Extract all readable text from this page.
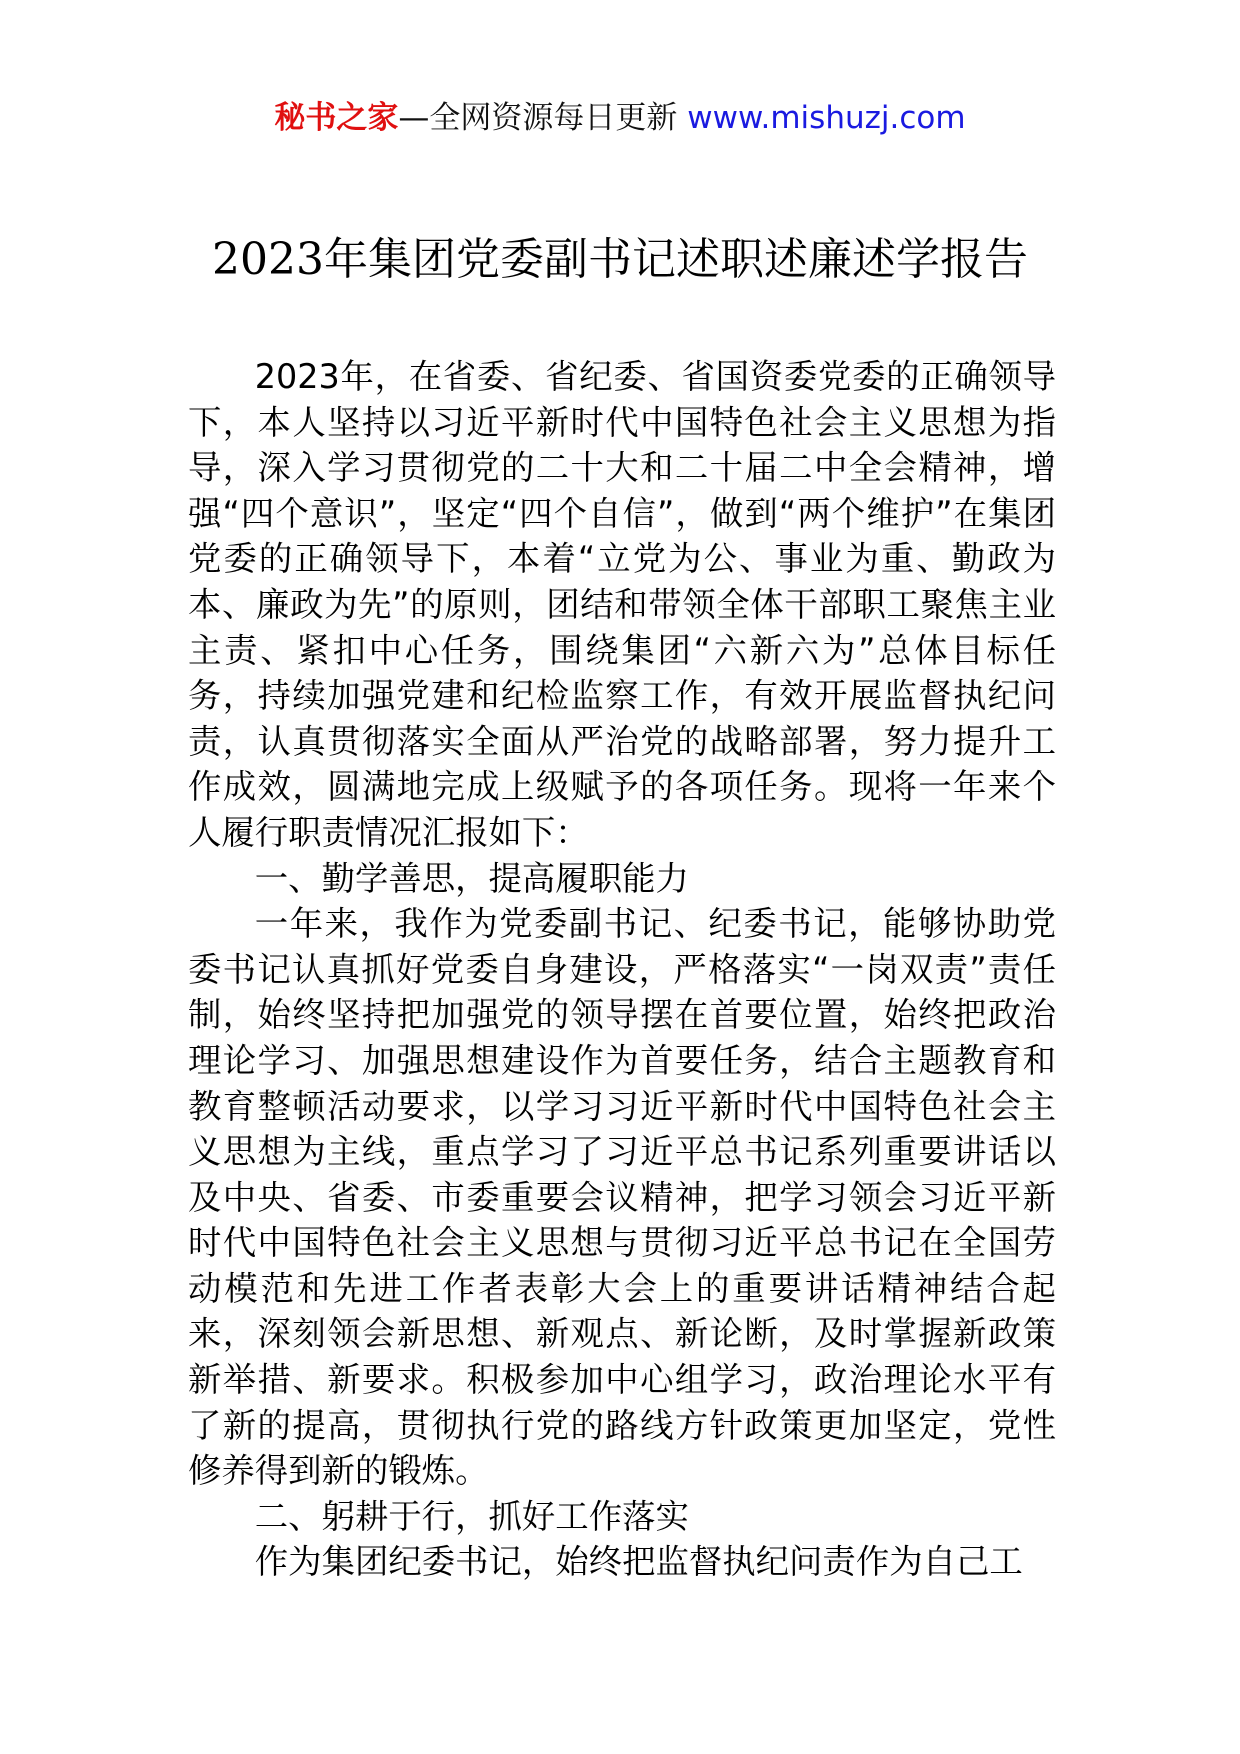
秘书之家—全网资源每日更新 www.mishuzj.com
2023年集团党委副书记述职述廉述学报告

2023年，在省委、省纪委、省国资委党委的正确领导下，本人坚持以习近平新时代中国特色社会主义思想为指导，深入学习贯彻党的二十大和二十届二中全会精神，增强“四个意识”，坚定“四个自信”，做到“两个维护”在集团党委的正确领导下，本着“立党为公、事业为重、勤政为本、廉政为先”的原则，团结和带领全体干部职工聚焦主业主责、紧扣中心任务，围绕集团“六新六为”总体目标任务，持续加强党建和纪检监察工作，有效开展监督执纪问责，认真贯彻落实全面从严治党的战略部署，努力提升工作成效，圆满地完成上级赋予的各项任务。现将一年来个人履行职责情况汇报如下：

一、勤学善思，提高履职能力

一年来，我作为党委副书记、纪委书记，能够协助党委书记认真抓好党委自身建设，严格落实“一岗双责”责任制，始终坚持把加强党的领导摆在首要位置，始终把政治理论学习、加强思想建设作为首要任务，结合主题教育和教育整顿活动要求，以学习习近平新时代中国特色社会主义思想为主线，重点学习了习近平总书记系列重要讲话以及中央、省委、市委重要会议精神，把学习领会习近平新时代中国特色社会主义思想与贯彻习近平总书记在全国劳动模范和先进工作者表彰大会上的重要讲话精神结合起来，深刻领会新思想、新观点、新论断，及时掌握新政策新举措、新要求。积极参加中心组学习，政治理论水平有了新的提高，贯彻执行党的路线方针政策更加坚定，党性修养得到新的锻炼。

二、躬耕于行，抓好工作落实

作为集团纪委书记，始终把监督执纪问责作为自己工
